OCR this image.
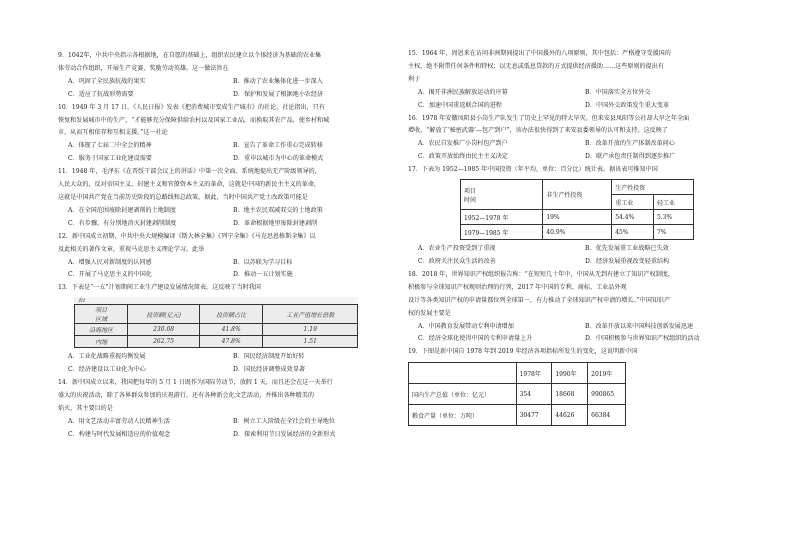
9．1042年，中共中央指示各根据地，在自愿的基础上，组织农民建立以个体经济为基础的农业集
体劳动合作组织，开展生产竞赛，奖励劳动英雄。这一做法旨在
A．巩固了全民族抗战的果实	B．推动了农业集体化进一步深入
C．适应了抗战形势需要	D．保护和发展了根据地小农经济
10．1949 年 3 月 17 日，《人民日报》发表《把消费城市变成生产城市》的社论。社论指出，只有
恢复和发展城市中的生产，“才能够充分保障供给农村以及国家工业品，而换取其农产品，使乡村和城
市，从而互相依存和互相支援。”这一社论
A．体现了七届二中全会的精神	B．宣告了革命工作重心完成转移
C．服务于国家工业化建设需要	D．重申以城市为中心的革命模式
11．1948 年，毛泽东《在晋绥干部会议上的讲话》中第一次全面、系统地提出无产阶级领导的，
人民大众的，反对帝国主义、封建主义和官僚资本主义的革命，这就是中国的新民主主义的革命，
这就是中国共产党在当前历史阶段的总路线和总政策。据此，当时中国共产党土改政策可能是
A．在全国范围废除封建剥削的土地制度	B．地主农民双减双交的土地政策
C．有步骤、有分别地消灭封建剥削制度	D．革命根据地里废除封建剥削
12．新中国成立初期，中共中央大规模编译《斯大林全集》《列宁全集》《马克思恩格斯全集》以
及此相关的著作文章，重视马克思主义理论学习。此举
A．增强人民对新制度的认同感	B．以苏联为学习目标
C．开展了马克思主义的中国化	D．推动一五计划实施
13．下表是“一五”计划期间工业生产建设发展情况简表，这反映了当时我国
表1			
项目
区域	投资额(亿元)	投资额占比	工业产值增长倍数
沿海地区	230.08	41.8%	1.19
内地	262.75	47.8%	1.51
A．工业化战略重视均衡发展	B．国民经济制度开始好转
C．经济建设以工业化为中心	D．国民经济调整成效显著
14．新中国成立以来，我国把每年的 5 月 1 日既作为国际劳动节，放假 1 天，而且还会在这一天举行
盛大的庆祝活动，除了各界群众参加的庆祝游行，还有各种新会化文艺活动，并推出各种精美的
焰火，其主要目的是
A．用文艺活动丰富劳动人民精神生活	B．树立工人阶级在全社会的主导地位
C．构建与时代发展相适应的价值观念	D．探索利用节日发展经济的全新形式
15．1964 年，周恩来在访问非洲期间提出了中国援外的八项原则，其中包括：严格遵守受援国的
主权，绝不附带任何条件和特权；以无息或低息贷款的方式提供经济援助……这些原则的提出有
利于
A．揭开非洲民族解放运动的序幕	B．中国落实全方位外交
C．加速中国重返联合国的进程	D．中国外交政策发生重大变革
16．1978 年安徽凤阳县小岗生产队发生了历史上罕见的特大旱灾。但来安县凤阳等公社却大旱之年全面
增收，“解放了‘秘密武器’—包产到户”，该办法很快得到了来安县委领导的认可和支持。这反映了
A．农民自发推广小岗村包产到户	B．改革开放的生产体制改革问心
C．政策开放始终由民主主义决定	D．联产承包责任制得到逐步推广
17．下表为 1952—1985 年中国投资（年平均，单位：百分比）统计表。据该表可推知中国
项目
时间	非生产性投资	生产性投资	
		重工业	轻工业
1952—1978 年	19%	54.4%	5.3%
1979—1985 年	40.9%	45%	7%
A．农业生产投资受到了重视	B．优先发展重工业战略已失效
C．政府关注民众生活的改善	D．经济发展重视改变轻重结构
18．2018 年，世界知识产权组织报告称：“在短短几十年中，中国从无到有建立了知识产权制度，
积极参与全球知识产权规则治理的行列，2017 年中国的专利、商标、工业品外观
设计等各类知识产权的申请量都位列全球第一，有力推动了全球知识产权申请的增长。”中国知识产
权的发展主要是
A．中国教育发展带动专利申请增加	B．改革开放以来中国科技创新发展迅速
C．经济全球化使得中国的专利申请量上升	D．中国积极参与世界知识产权组织的活动
19．下图是新中国自 1978 年到 2019 年经济各项指标所发生的变化，这说明新中国
	1978年	1990年	2019年
国内生产总值（单位：亿元）	354	18668	990865
粮食产量（单位：万吨）	30477	44626	66384
